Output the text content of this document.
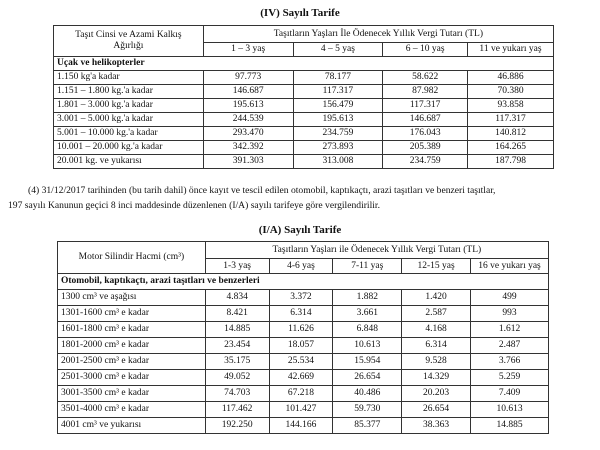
(IV) Sayılı Tarife
Taşıt Cinsi ve Azami Kalkış
Ağırlığı	Taşıtların Yaşları İle Ödenecek Yıllık Vergi Tutarı (TL)			
	1 – 3 yaş	4 – 5 yaş	6 – 10 yaş	11 ve yukarı yaş
Uçak ve helikopterler				
1.150 kg'a kadar	97.773	78.177	58.622	46.886
1.151 – 1.800 kg.'a kadar	146.687	117.317	87.982	70.380
1.801 – 3.000 kg.'a kadar	195.613	156.479	117.317	93.858
3.001 – 5.000 kg.'a kadar	244.539	195.613	146.687	117.317
5.001 – 10.000 kg.'a kadar	293.470	234.759	176.043	140.812
10.001 – 20.000 kg.'a kadar	342.392	273.893	205.389	164.265
20.001 kg. ve yukarısı	391.303	313.008	234.759	187.798
(4) 31/12/2017 tarihinden (bu tarih dahil) önce kayıt ve tescil edilen otomobil, kaptıkaçtı, arazi taşıtları ve benzeri taşıtlar,
197 sayılı Kanunun geçici 8 inci maddesinde düzenlenen (I/A) sayılı tarifeye göre vergilendirilir.
(I/A) Sayılı Tarife
Motor Silindir Hacmi (cm³)	Taşıtların Yaşları ile Ödenecek Yıllık Vergi Tutarı (TL)				
	1-3 yaş	4-6 yaş	7-11 yaş	12-15 yaş	16 ve yukarı yaş
Otomobil, kaptıkaçtı, arazi taşıtları ve benzerleri					
1300 cm³ ve aşağısı	4.834	3.372	1.882	1.420	499
1301-1600 cm³ e kadar	8.421	6.314	3.661	2.587	993
1601-1800 cm³ e kadar	14.885	11.626	6.848	4.168	1.612
1801-2000 cm³ e kadar	23.454	18.057	10.613	6.314	2.487
2001-2500 cm³ e kadar	35.175	25.534	15.954	9.528	3.766
2501-3000 cm³ e kadar	49.052	42.669	26.654	14.329	5.259
3001-3500 cm³ e kadar	74.703	67.218	40.486	20.203	7.409
3501-4000 cm³ e kadar	117.462	101.427	59.730	26.654	10.613
4001 cm³ ve yukarısı	192.250	144.166	85.377	38.363	14.885
